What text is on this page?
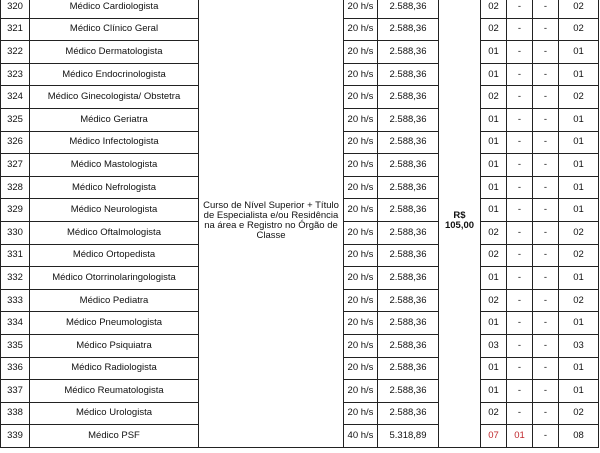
320	Médico Cardiologista	Curso de Nível Superior + Título de Especialista e/ou Residência na área e Registro no Órgão de Classe	20 h/s	2.588,36	R$ 105,00	02	-	-	02
321	Médico Clínico Geral		20 h/s	2.588,36		02	-	-	02
322	Médico Dermatologista		20 h/s	2.588,36		01	-	-	01
323	Médico Endocrinologista		20 h/s	2.588,36		01	-	-	01
324	Médico Ginecologista/ Obstetra		20 h/s	2.588,36		02	-	-	02
325	Médico Geriatra		20 h/s	2.588,36		01	-	-	01
326	Médico Infectologista		20 h/s	2.588,36		01	-	-	01
327	Médico Mastologista		20 h/s	2.588,36		01	-	-	01
328	Médico Nefrologista		20 h/s	2.588,36		01	-	-	01
329	Médico Neurologista		20 h/s	2.588,36		01	-	-	01
330	Médico Oftalmologista		20 h/s	2.588,36		02	-	-	02
331	Médico Ortopedista		20 h/s	2.588,36		02	-	-	02
332	Médico Otorrinolaringologista		20 h/s	2.588,36		01	-	-	01
333	Médico Pediatra		20 h/s	2.588,36		02	-	-	02
334	Médico Pneumologista		20 h/s	2.588,36		01	-	-	01
335	Médico Psiquiatra		20 h/s	2.588,36		03	-	-	03
336	Médico Radiologista		20 h/s	2.588,36		01	-	-	01
337	Médico Reumatologista		20 h/s	2.588,36		01	-	-	01
338	Médico Urologista		20 h/s	2.588,36		02	-	-	02
339	Médico PSF		40 h/s	5.318,89		07	01	-	08
